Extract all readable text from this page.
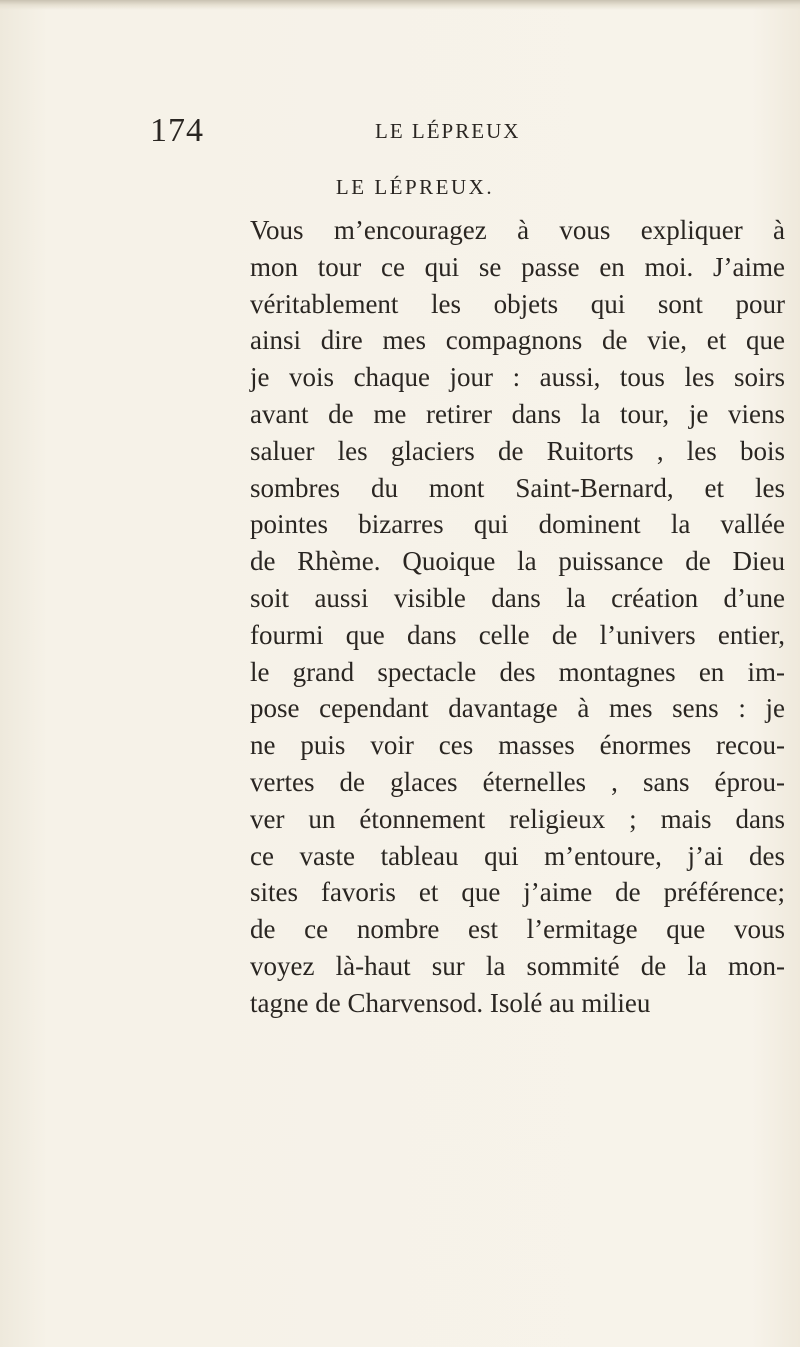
174	LE LÉPREUX
LE LÉPREUX.
Vous m’encouragez à vous expliquer à
mon tour ce qui se passe en moi. J’aime
véritablement les objets qui sont pour
ainsi dire mes compagnons de vie, et que
je vois chaque jour : aussi, tous les soirs
avant de me retirer dans la tour, je viens
saluer les glaciers de Ruitorts , les bois
sombres du mont Saint-Bernard, et les
pointes bizarres qui dominent la vallée
de Rhème. Quoique la puissance de Dieu
soit aussi visible dans la création d’une
fourmi que dans celle de l’univers entier,
le grand spectacle des montagnes en im-
pose cependant davantage à mes sens : je
ne puis voir ces masses énormes recou-
vertes de glaces éternelles , sans éprou-
ver un étonnement religieux ; mais dans
ce vaste tableau qui m’entoure, j’ai des
sites favoris et que j’aime de préférence;
de ce nombre est l’ermitage que vous
voyez là-haut sur la sommité de la mon-
tagne de Charvensod. Isolé au milieu
